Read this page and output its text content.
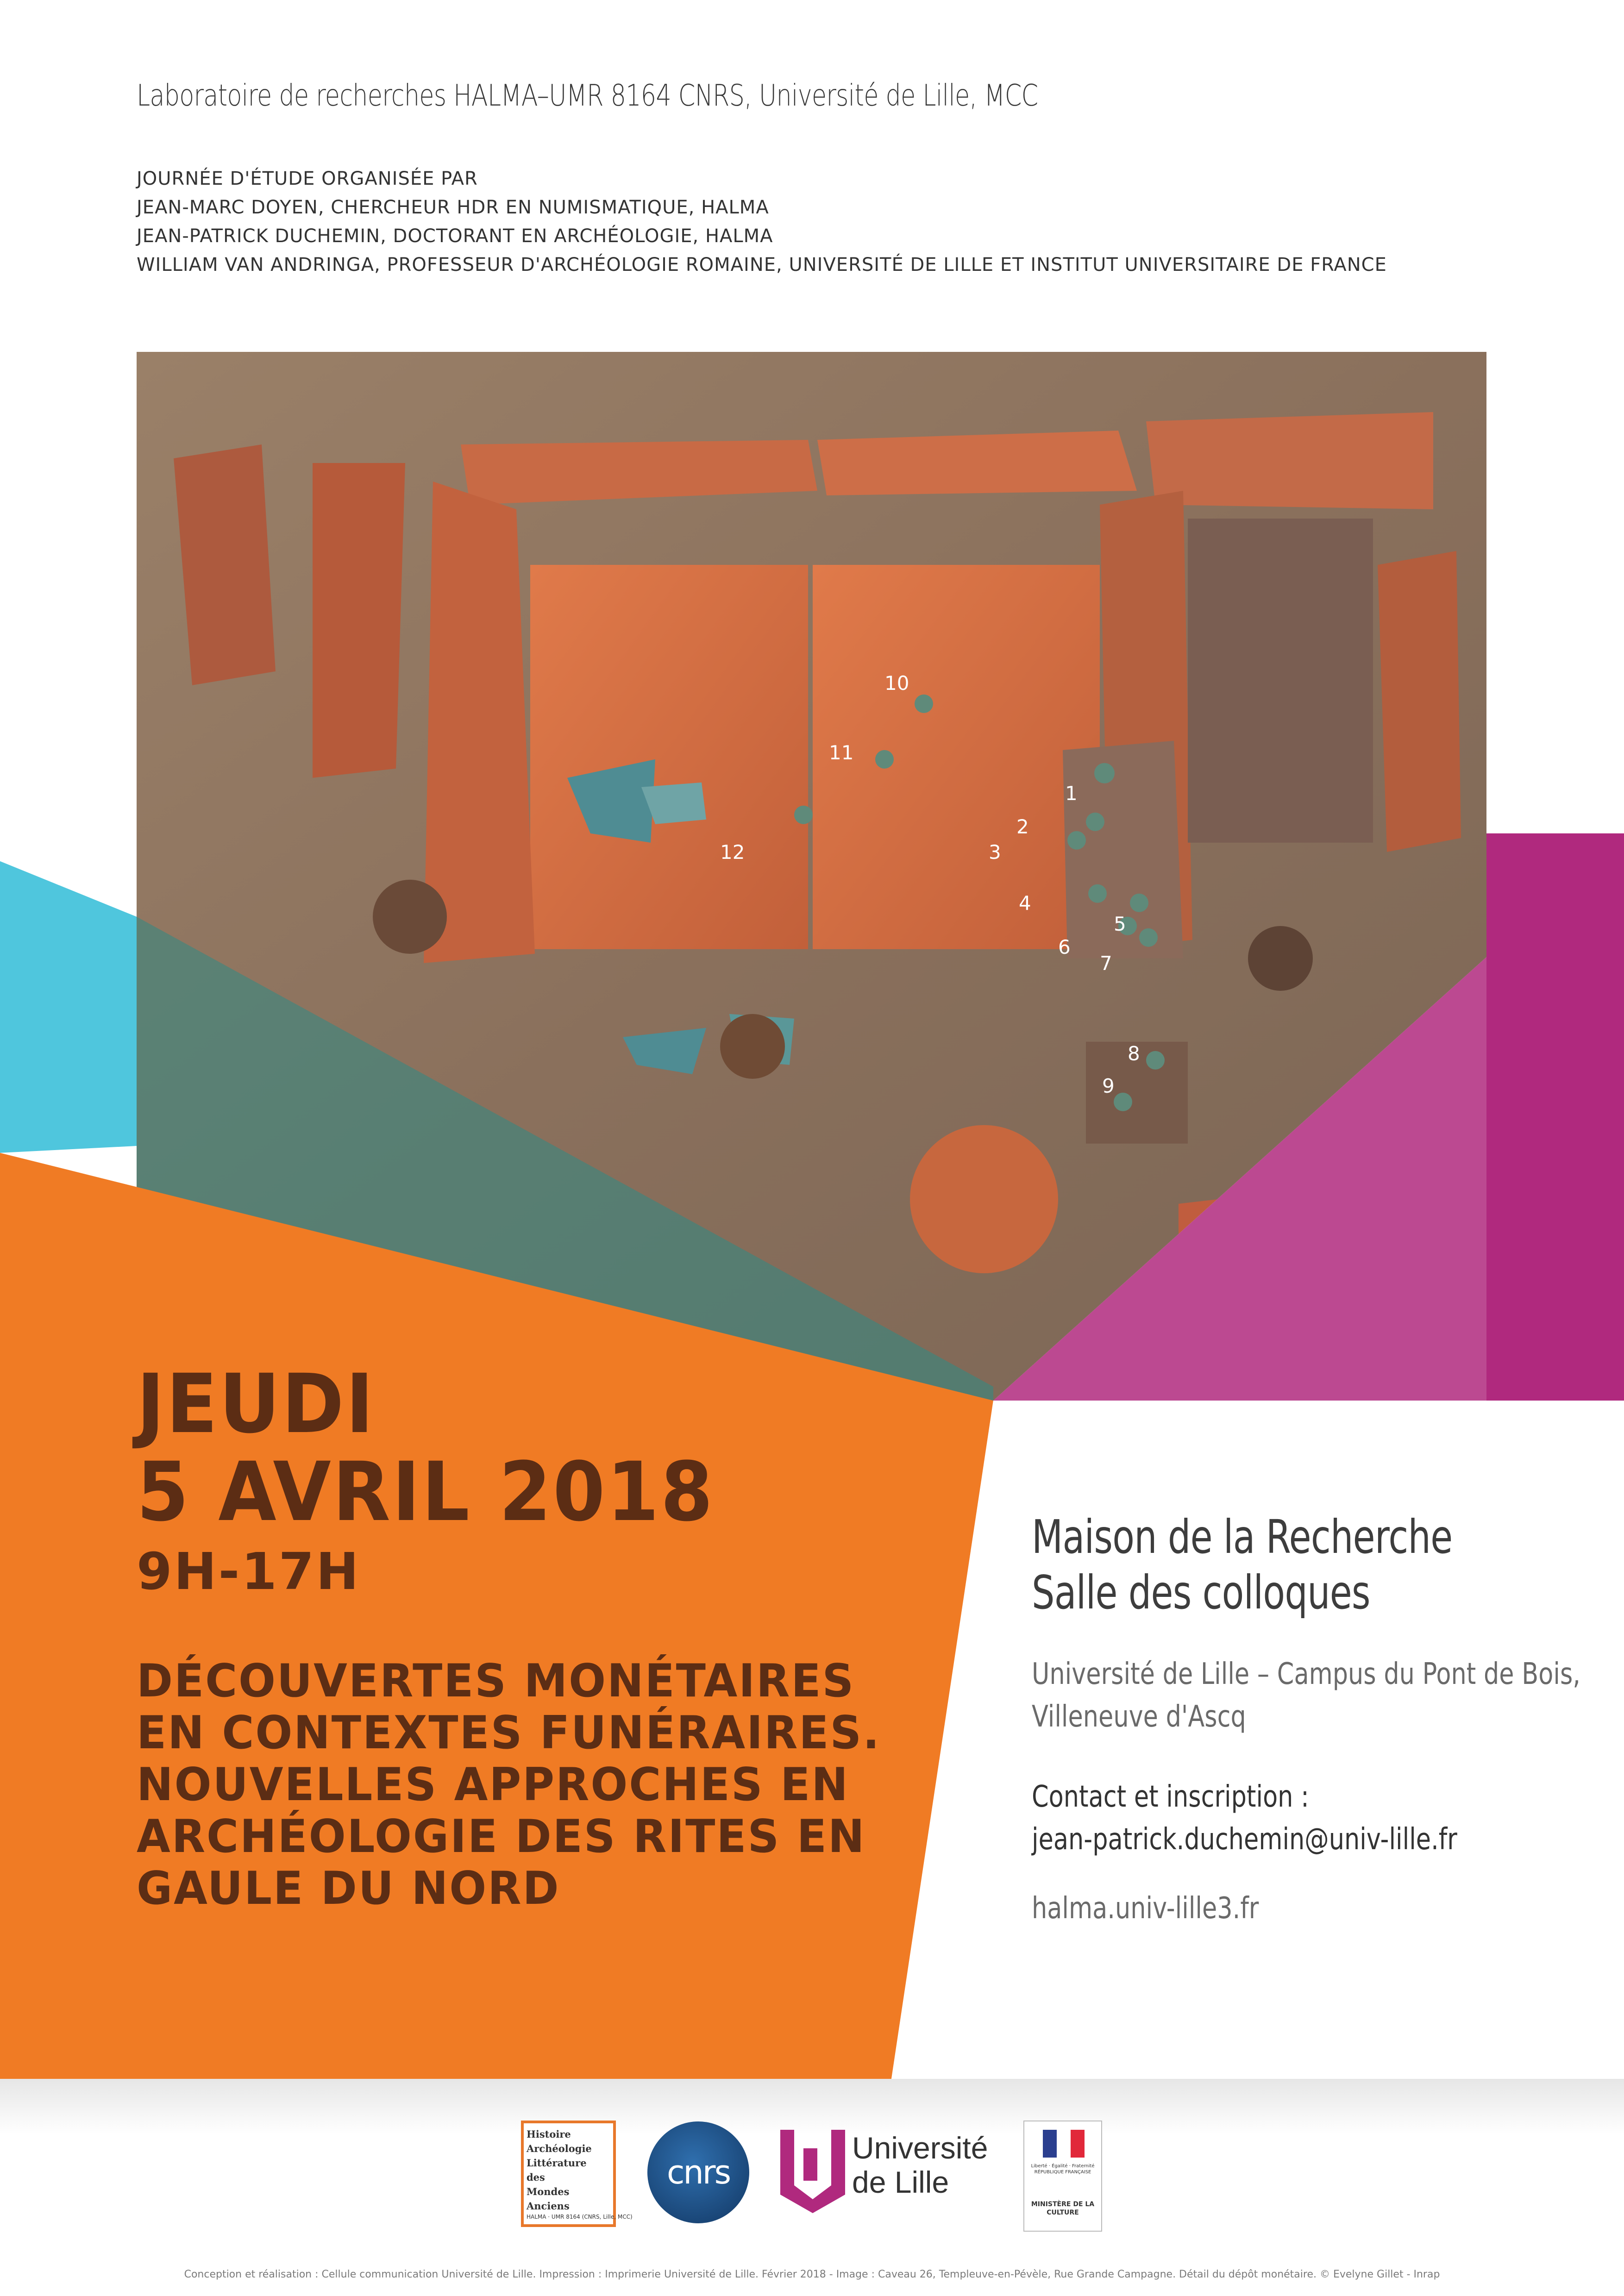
Laboratoire de recherches HALMA–UMR 8164 CNRS, Université de Lille, MCC
JOURNÉE D'ÉTUDE ORGANISÉE PAR
JEAN-MARC DOYEN, CHERCHEUR HDR EN NUMISMATIQUE, HALMA
JEAN-PATRICK DUCHEMIN, DOCTORANT EN ARCHÉOLOGIE, HALMA
WILLIAM VAN ANDRINGA, PROFESSEUR D'ARCHÉOLOGIE ROMAINE, UNIVERSITÉ DE LILLE ET INSTITUT UNIVERSITAIRE DE FRANCE
1
2
3
4
5
6
7
8
9
10
11
12
JEUDI
5 AVRIL 2018
9H-17H
DÉCOUVERTES MONÉTAIRES
EN CONTEXTES FUNÉRAIRES.
NOUVELLES APPROCHES EN
ARCHÉOLOGIE DES RITES EN
GAULE DU NORD
Maison de la Recherche
Salle des colloques
Université de Lille – Campus du Pont de Bois,
Villeneuve d'Ascq
Contact et inscription :
jean-patrick.duchemin@univ-lille.fr
halma.univ-lille3.fr
Histoire
Archéologie
Littérature
des
Mondes
Anciens
HALMA · UMR 8164 (CNRS, Lille, MCC)
cnrs
Université
de Lille	Liberté · Égalité · Fraternité RÉPUBLIQUE FRANÇAISE
MINISTÈRE DE LA CULTURE
Conception et réalisation : Cellule communication Université de Lille. Impression : Imprimerie Université de Lille. Février 2018 - Image : Caveau 26, Templeuve-en-Pévèle, Rue Grande Campagne. Détail du dépôt monétaire. © Evelyne Gillet - Inrap
